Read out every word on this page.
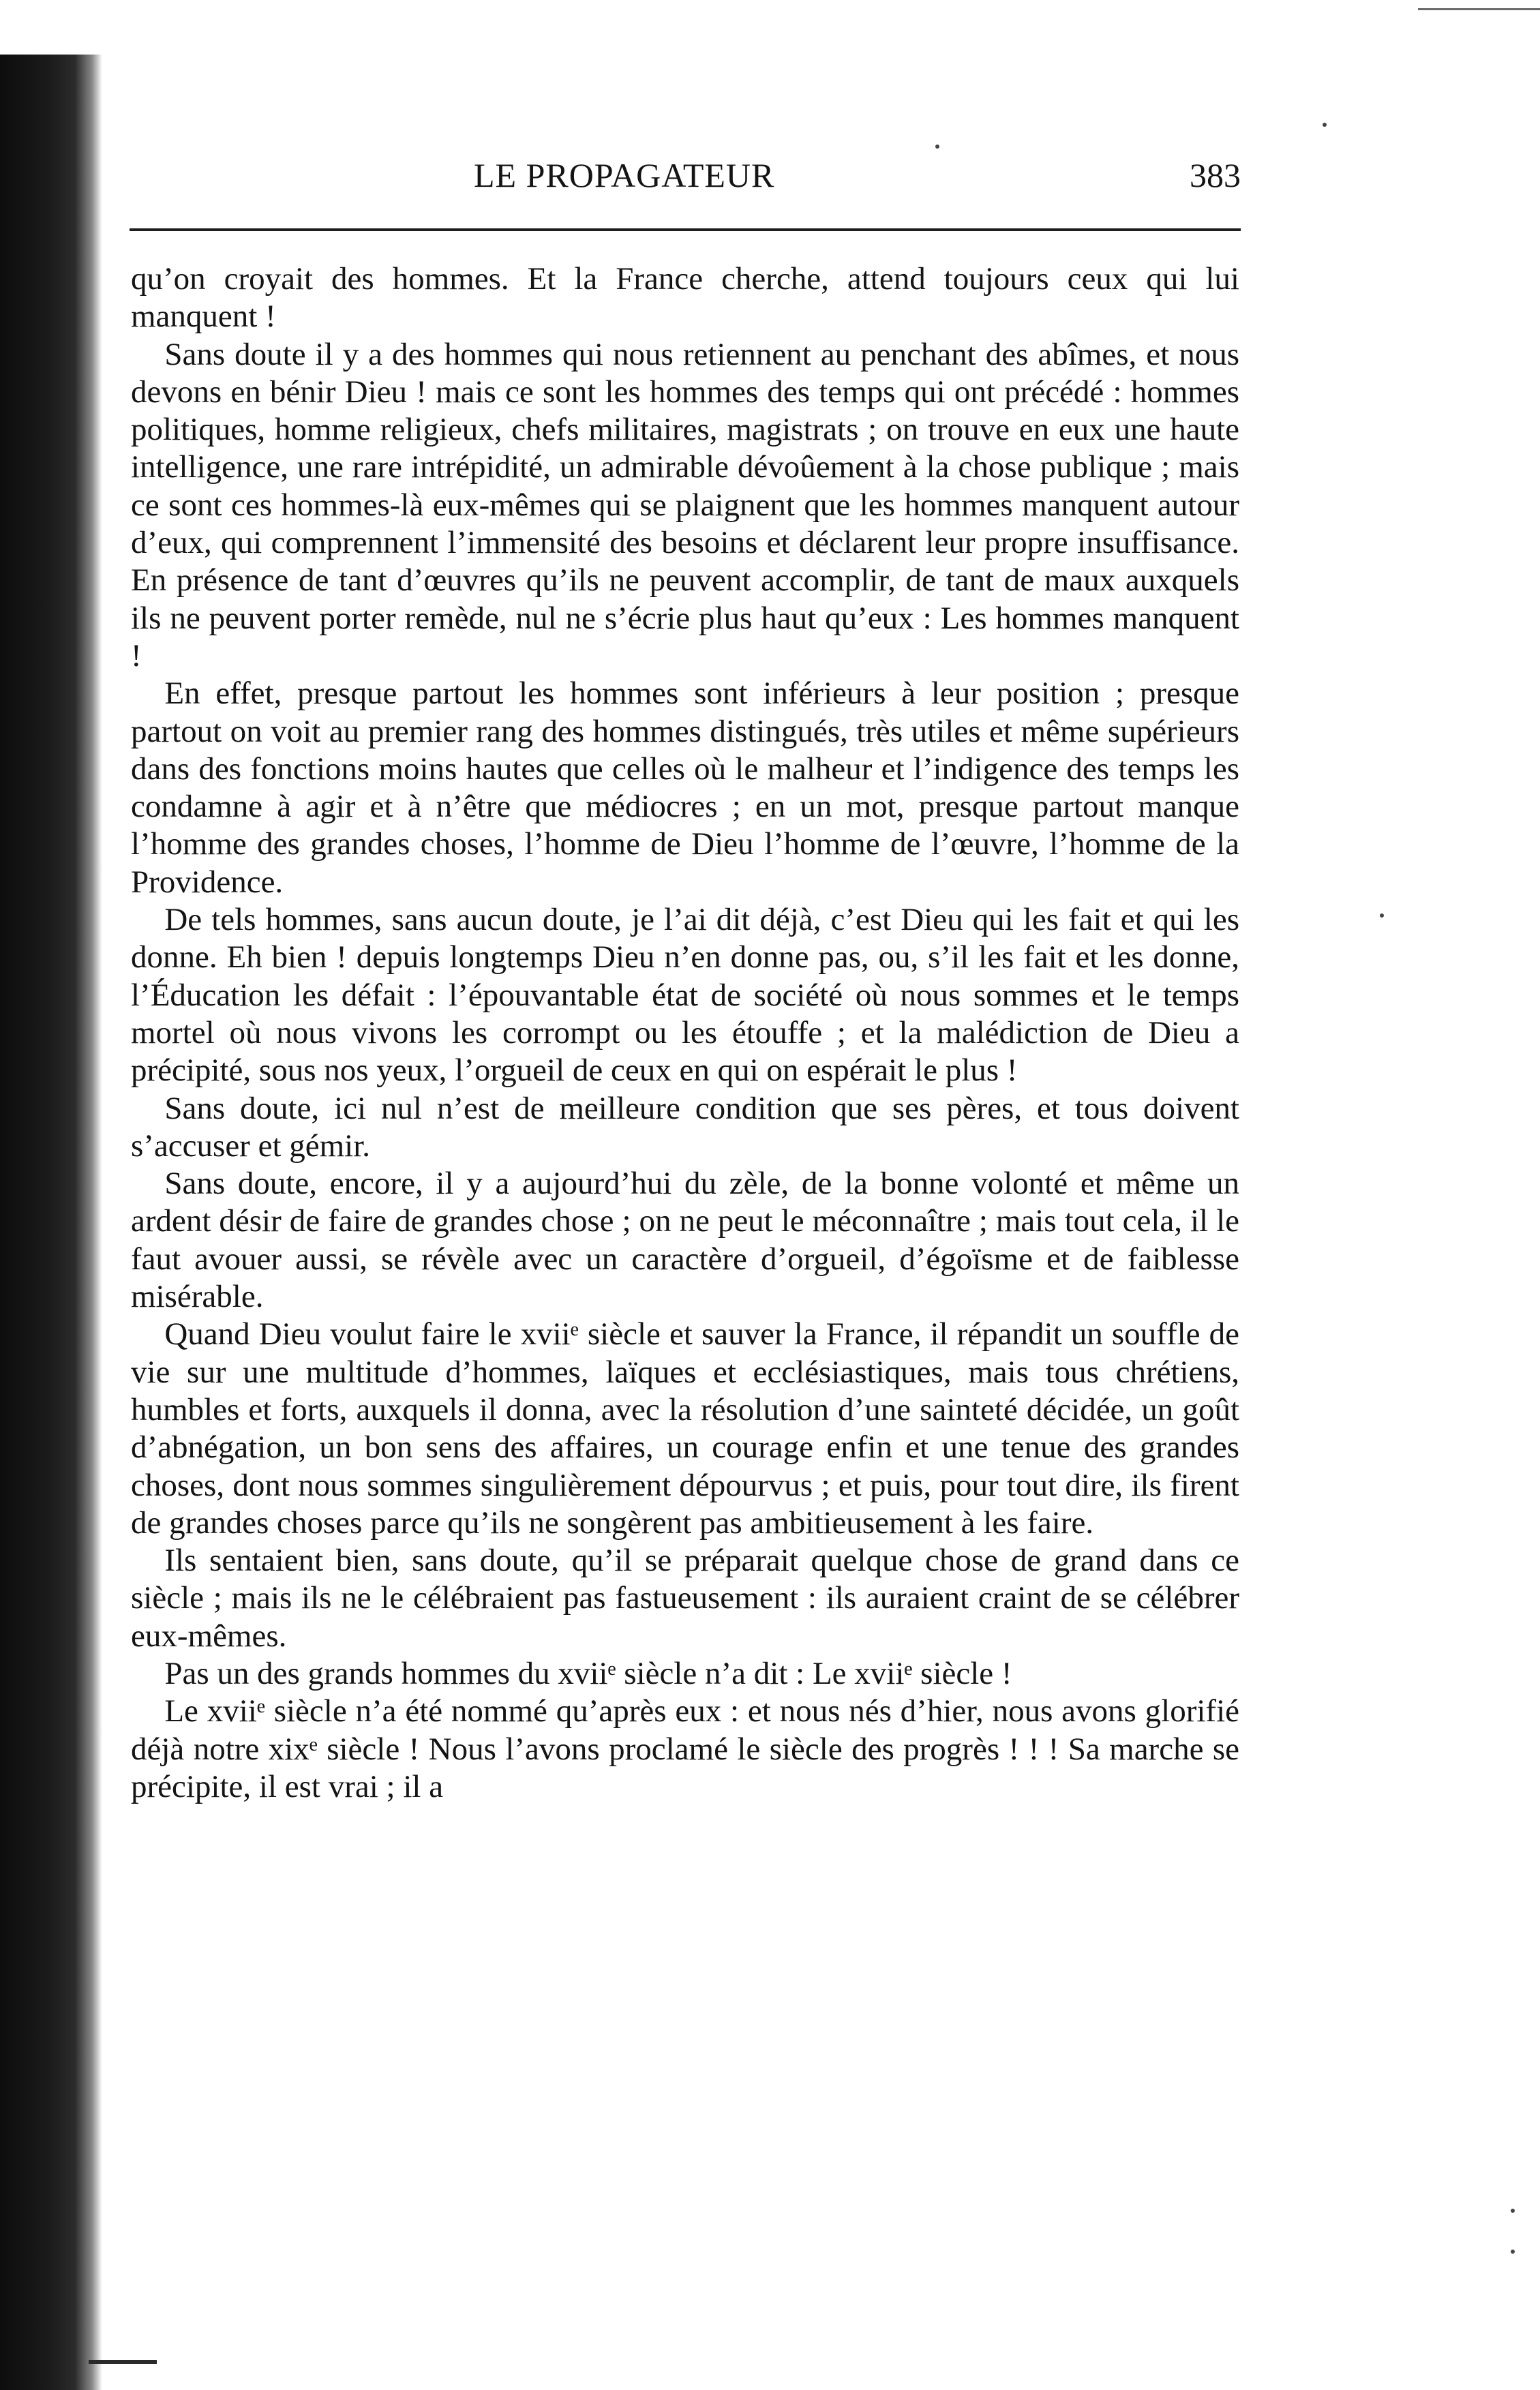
LE PROPAGATEUR	383

qu’on croyait des hommes. Et la France cherche, attend toujours ceux qui lui manquent !

Sans doute il y a des hommes qui nous retiennent au penchant des abîmes, et nous devons en bénir Dieu ! mais ce sont les hommes des temps qui ont précédé : hommes politiques, homme religieux, chefs militaires, magistrats ; on trouve en eux une haute intelligence, une rare intrépidité, un admirable dévoûement à la chose publique ; mais ce sont ces hommes-là eux-mêmes qui se plaignent que les hommes manquent autour d’eux, qui comprennent l’immensité des besoins et déclarent leur propre insuffisance. En présence de tant d’œuvres qu’ils ne peuvent accomplir, de tant de maux auxquels ils ne peuvent porter remède, nul ne s’écrie plus haut qu’eux : Les hommes manquent !

En effet, presque partout les hommes sont inférieurs à leur position ; presque partout on voit au premier rang des hommes distingués, très utiles et même supérieurs dans des fonctions moins hautes que celles où le malheur et l’indigence des temps les condamne à agir et à n’être que médiocres ; en un mot, presque partout manque l’homme des grandes choses, l’homme de Dieu l’homme de l’œuvre, l’homme de la Providence.

De tels hommes, sans aucun doute, je l’ai dit déjà, c’est Dieu qui les fait et qui les donne. Eh bien ! depuis longtemps Dieu n’en donne pas, ou, s’il les fait et les donne, l’Éducation les défait : l’épouvantable état de société où nous sommes et le temps mortel où nous vivons les corrompt ou les étouffe ; et la malédiction de Dieu a précipité, sous nos yeux, l’orgueil de ceux en qui on espérait le plus !

Sans doute, ici nul n’est de meilleure condition que ses pères, et tous doivent s’accuser et gémir.

Sans doute, encore, il y a aujourd’hui du zèle, de la bonne volonté et même un ardent désir de faire de grandes chose ; on ne peut le méconnaître ; mais tout cela, il le faut avouer aussi, se révèle avec un caractère d’orgueil, d’égoïsme et de faiblesse misérable.

Quand Dieu voulut faire le xviiᵉ siècle et sauver la France, il répandit un souffle de vie sur une multitude d’hommes, laïques et ecclésiastiques, mais tous chrétiens, humbles et forts, auxquels il donna, avec la résolution d’une sainteté décidée, un goût d’abnégation, un bon sens des affaires, un courage enfin et une tenue des grandes choses, dont nous sommes singulièrement dépourvus ; et puis, pour tout dire, ils firent de grandes choses parce qu’ils ne songèrent pas ambitieusement à les faire.

Ils sentaient bien, sans doute, qu’il se préparait quelque chose de grand dans ce siècle ; mais ils ne le célébraient pas fastueusement : ils auraient craint de se célébrer eux-mêmes.

Pas un des grands hommes du xviiᵉ siècle n’a dit : Le xviiᵉ siècle !

Le xviiᵉ siècle n’a été nommé qu’après eux : et nous nés d’hier, nous avons glorifié déjà notre xixᵉ siècle ! Nous l’avons proclamé le siècle des progrès ! ! ! Sa marche se précipite, il est vrai ; il a
